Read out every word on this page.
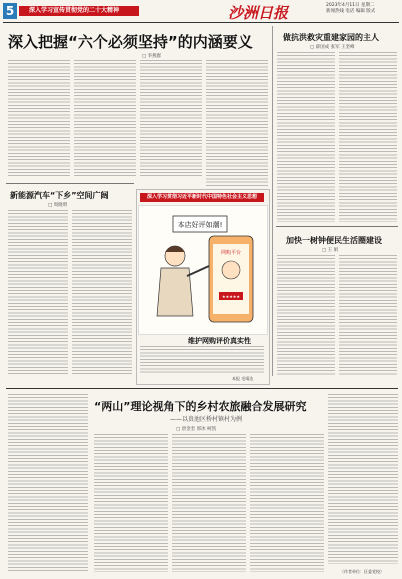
5	深入学习宣传贯彻党的二十大精神	沙洲日报	2023年4月11日 星期二
新闻热线 电话 编辑 版式
深入把握“六个必须坚持”的内涵要义
□ 李燕群
做抗洪救灾重建家园的主人
□ 薛国成 张军 王坚峰
加快一树钟便民生活圈建设
□ 王 娟
新能源汽车“下乡”空间广阔
□ 周晓明
深入学习贯彻习近平新时代中国特色社会主义思想
本店好评如潮!
网购平台
★★★★★
维护网购评价真实性
本报 毛靖达
“两山”理论视角下的乡村农旅融合发展研究
——以贵池区桥村镇村为例
□ 唐金奎 郭冰 柯凯
（作者单位：区委党校）
